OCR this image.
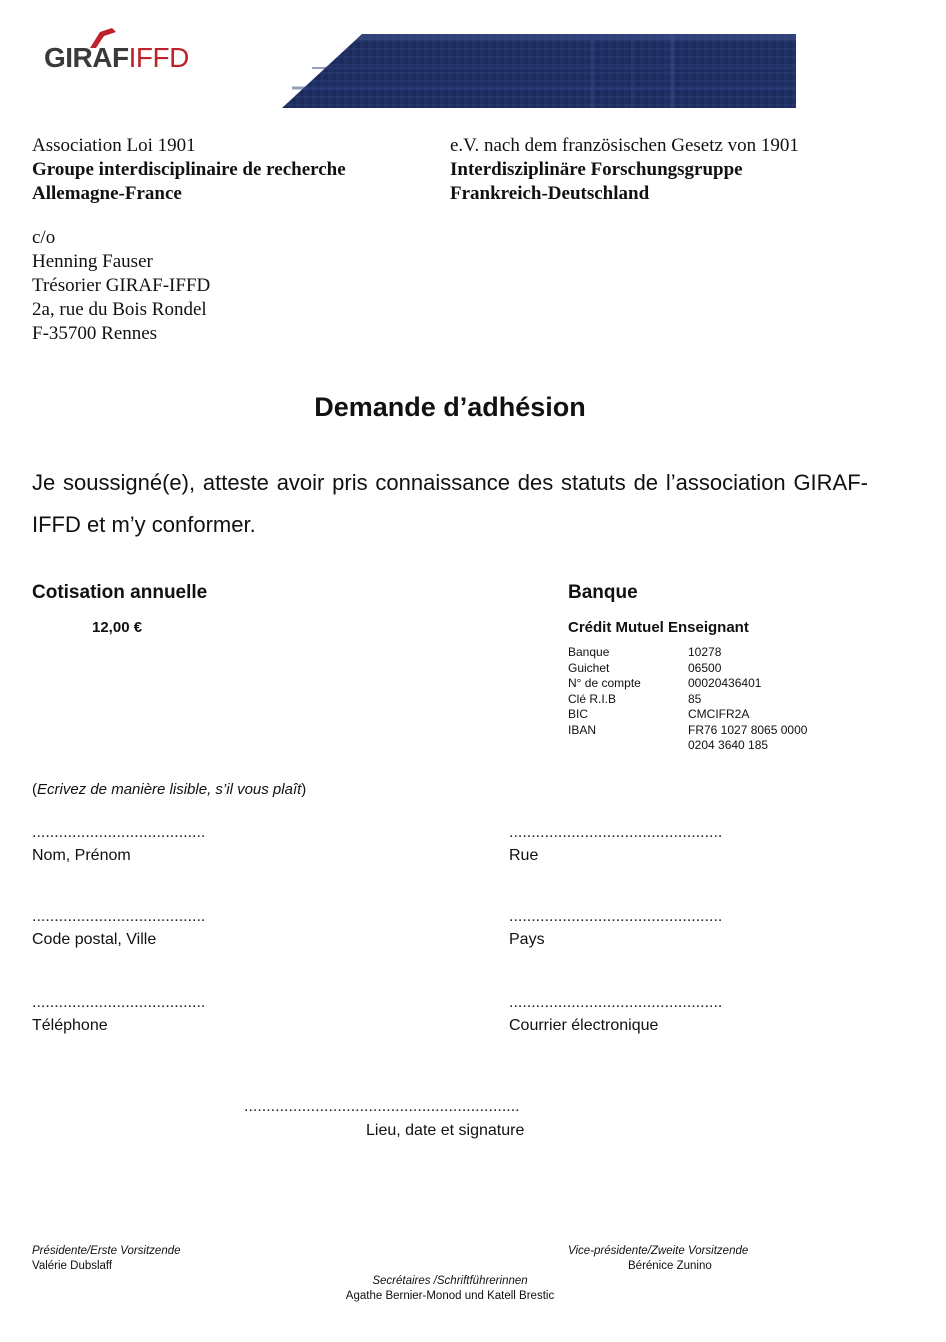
GIRAFIFFD
Association Loi 1901
Groupe interdisciplinaire de recherche
Allemagne-France
e.V. nach dem französischen Gesetz von 1901
Interdisziplinäre Forschungsgruppe
Frankreich-Deutschland
c/o
Henning Fauser
Trésorier GIRAF-IFFD
2a, rue du Bois Rondel
F-35700 Rennes
Demande d’adhésion
Je soussigné(e), atteste avoir pris connaissance des statuts de l’association GIRAF-IFFD et m’y conformer.
Cotisation annuelle
12,00 €
Banque
Crédit Mutuel Enseignant
Banque	10278
Guichet	06500
N° de compte	00020436401
Clé R.I.B	85
BIC	CMCIFR2A
IBAN	FR76 1027 8065 0000
0204 3640 185
(Ecrivez de manière lisible, s’il vous plaît)
.......................................
Nom, Prénom
................................................
Rue
.......................................
Code postal, Ville
................................................
Pays
.......................................
Téléphone
................................................
Courrier électronique
..............................................................
Lieu, date et signature
Présidente/Erste Vorsitzende
Valérie Dubslaff
Vice-présidente/Zweite Vorsitzende
Bérénice Zunino
Secrétaires /Schriftführerinnen
Agathe Bernier-Monod und Katell Brestic
